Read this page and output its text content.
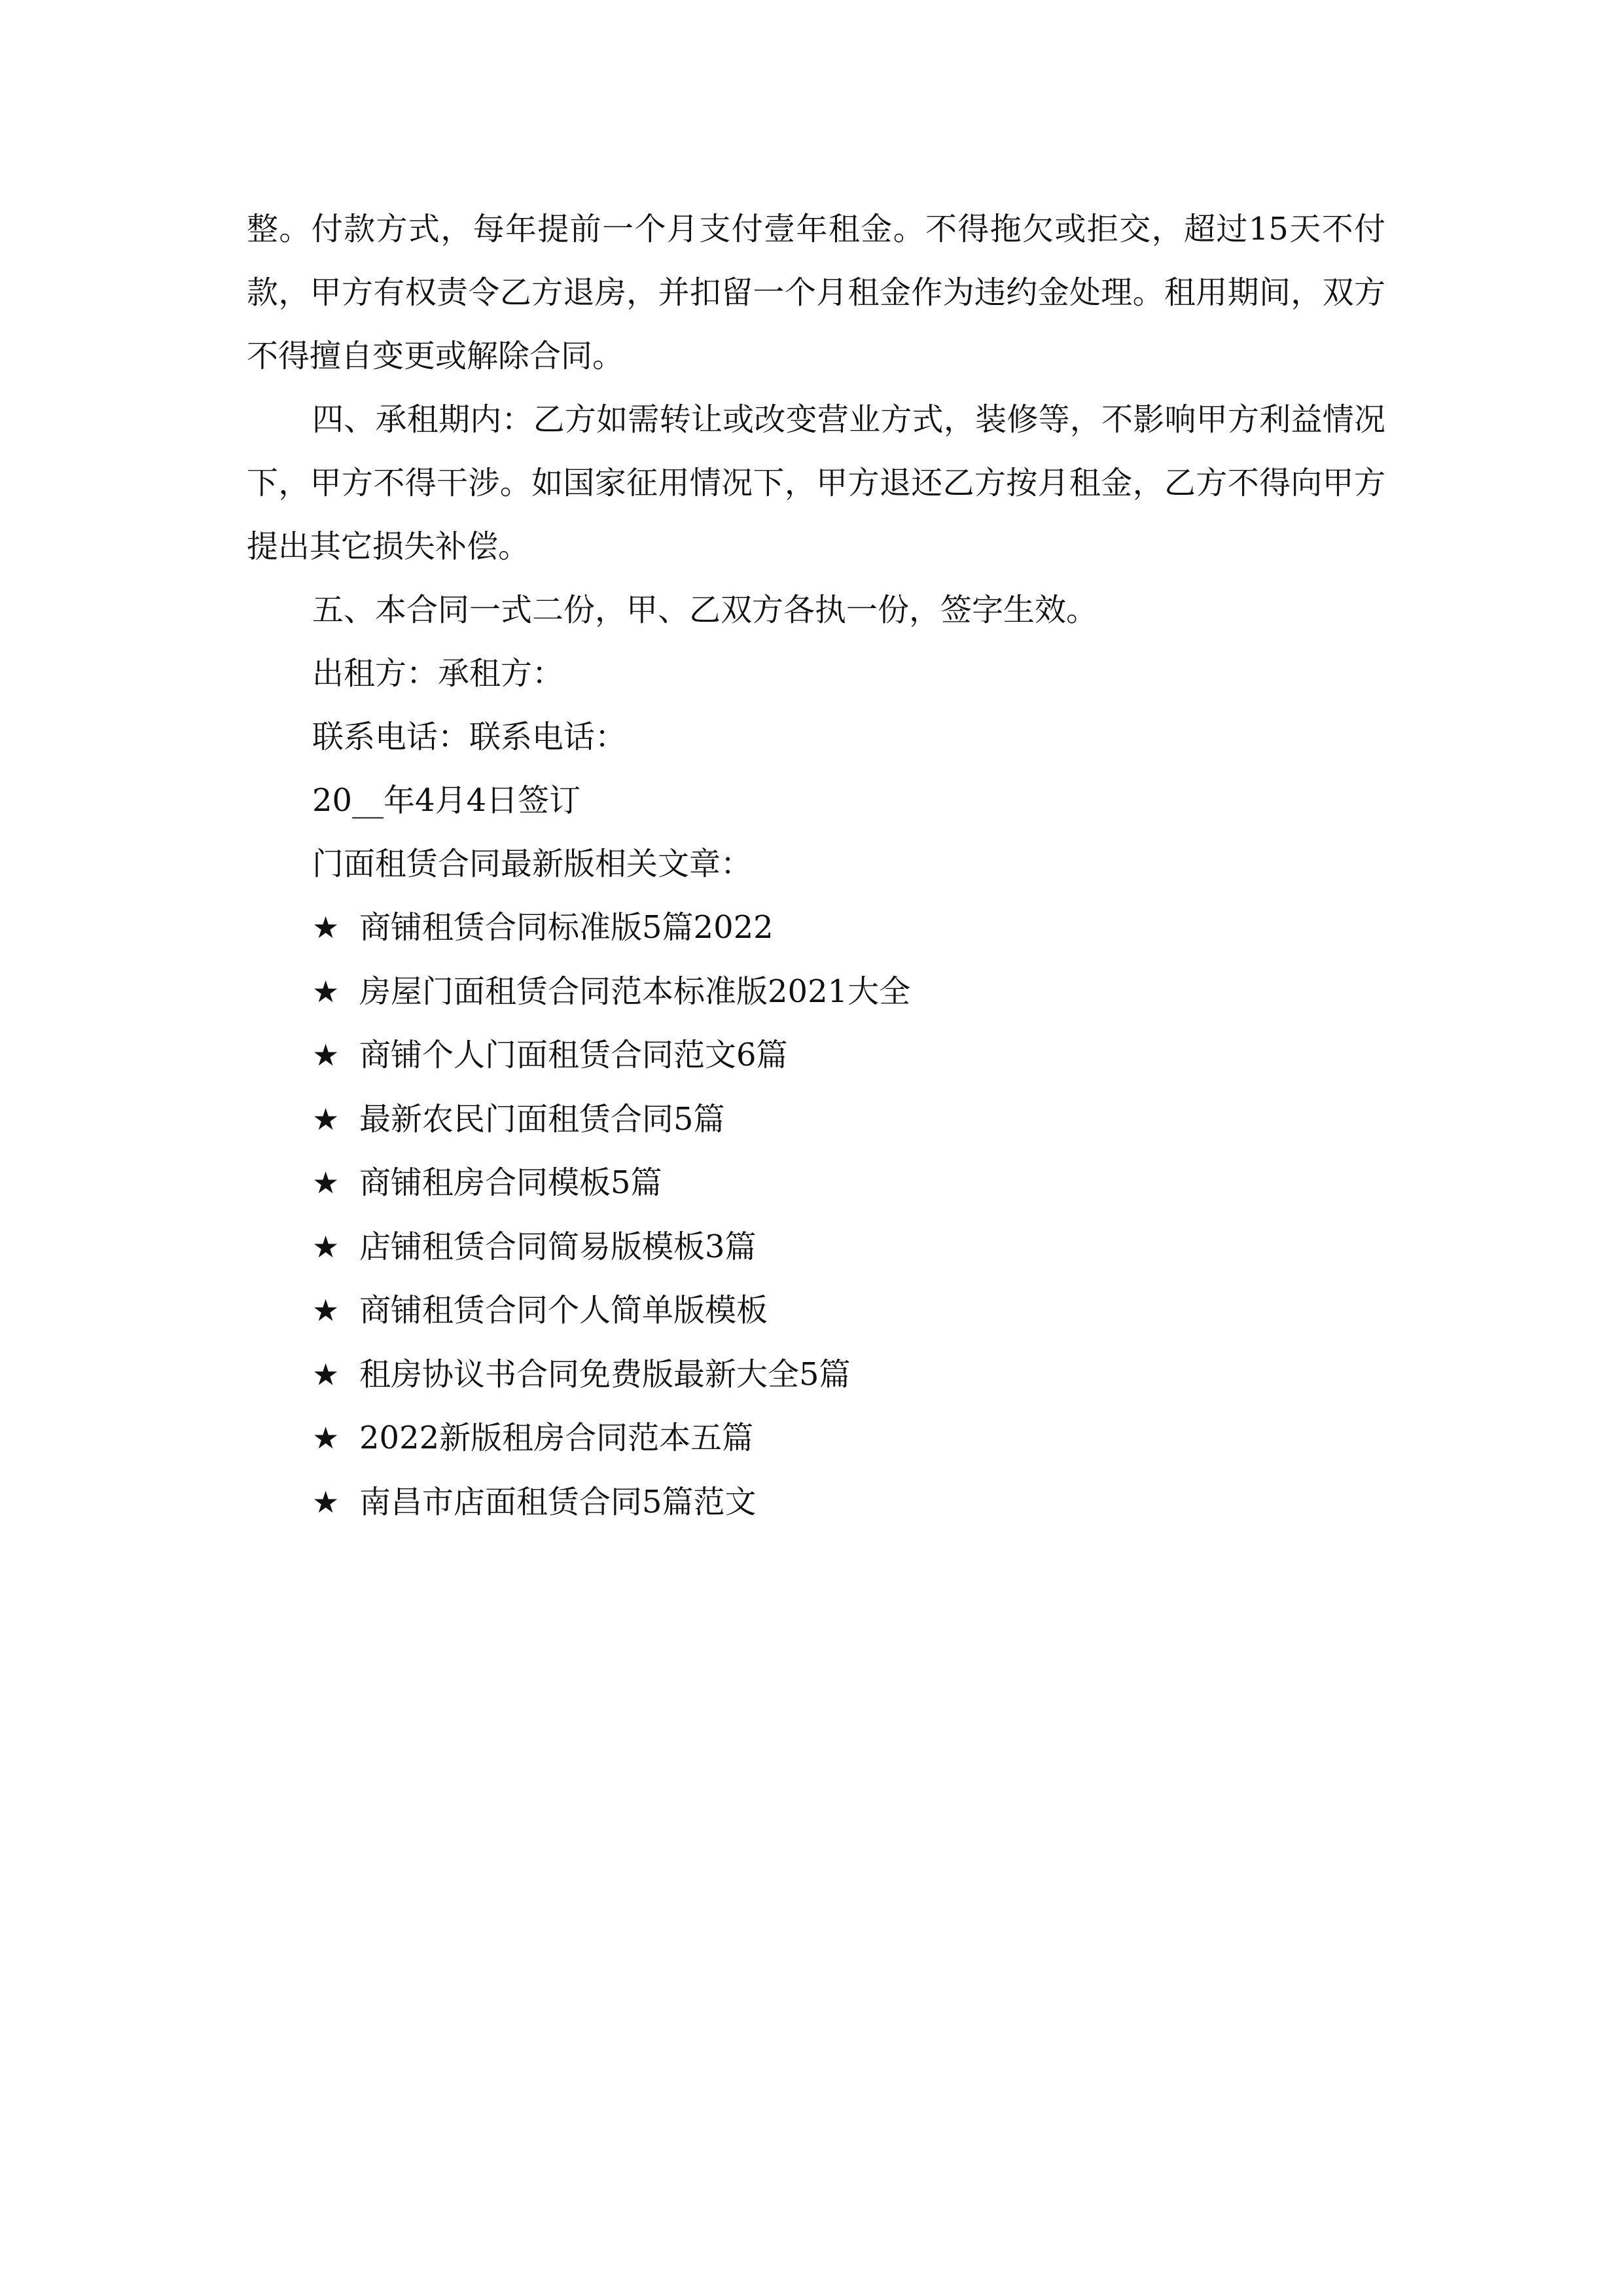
整。付款方式，每年提前一个月支付壹年租金。不得拖欠或拒交，超过15天不付款，甲方有权责令乙方退房，并扣留一个月租金作为违约金处理。租用期间，双方不得擅自变更或解除合同。

四、承租期内：乙方如需转让或改变营业方式，装修等，不影响甲方利益情况下，甲方不得干涉。如国家征用情况下，甲方退还乙方按月租金，乙方不得向甲方提出其它损失补偿。

五、本合同一式二份，甲、乙双方各执一份，签字生效。

出租方：承租方：

联系电话：联系电话：

20__年4月4日签订

门面租赁合同最新版相关文章：

★ 商铺租赁合同标准版5篇2022
★ 房屋门面租赁合同范本标准版2021大全
★ 商铺个人门面租赁合同范文6篇
★ 最新农民门面租赁合同5篇
★ 商铺租房合同模板5篇
★ 店铺租赁合同简易版模板3篇
★ 商铺租赁合同个人简单版模板
★ 租房协议书合同免费版最新大全5篇
★ 2022新版租房合同范本五篇
★ 南昌市店面租赁合同5篇范文
